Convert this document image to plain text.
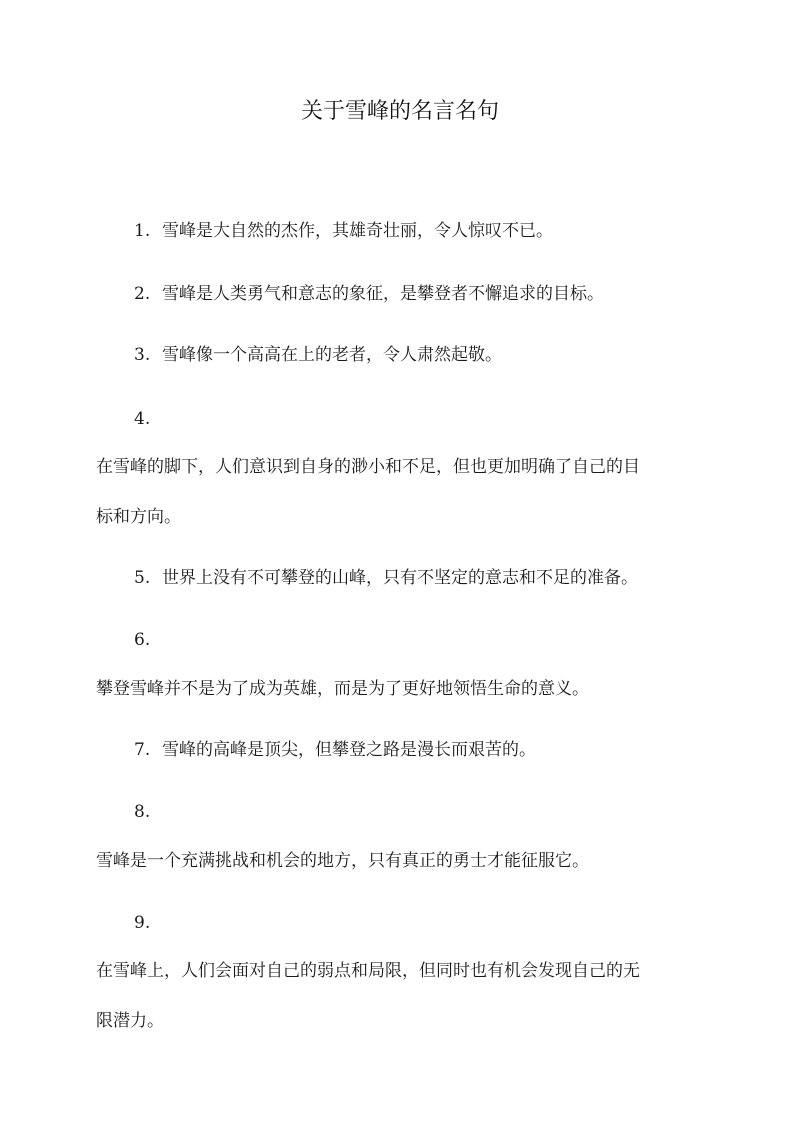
关于雪峰的名言名句
1. 雪峰是大自然的杰作，其雄奇壮丽，令人惊叹不已。
2. 雪峰是人类勇气和意志的象征，是攀登者不懈追求的目标。
3. 雪峰像一个高高在上的老者，令人肃然起敬。
4.
在雪峰的脚下，人们意识到自身的渺小和不足，但也更加明确了自己的目
标和方向。
5. 世界上没有不可攀登的山峰，只有不坚定的意志和不足的准备。
6.
攀登雪峰并不是为了成为英雄，而是为了更好地领悟生命的意义。
7. 雪峰的高峰是顶尖，但攀登之路是漫长而艰苦的。
8.
雪峰是一个充满挑战和机会的地方，只有真正的勇士才能征服它。
9.
在雪峰上，人们会面对自己的弱点和局限，但同时也有机会发现自己的无
限潜力。
